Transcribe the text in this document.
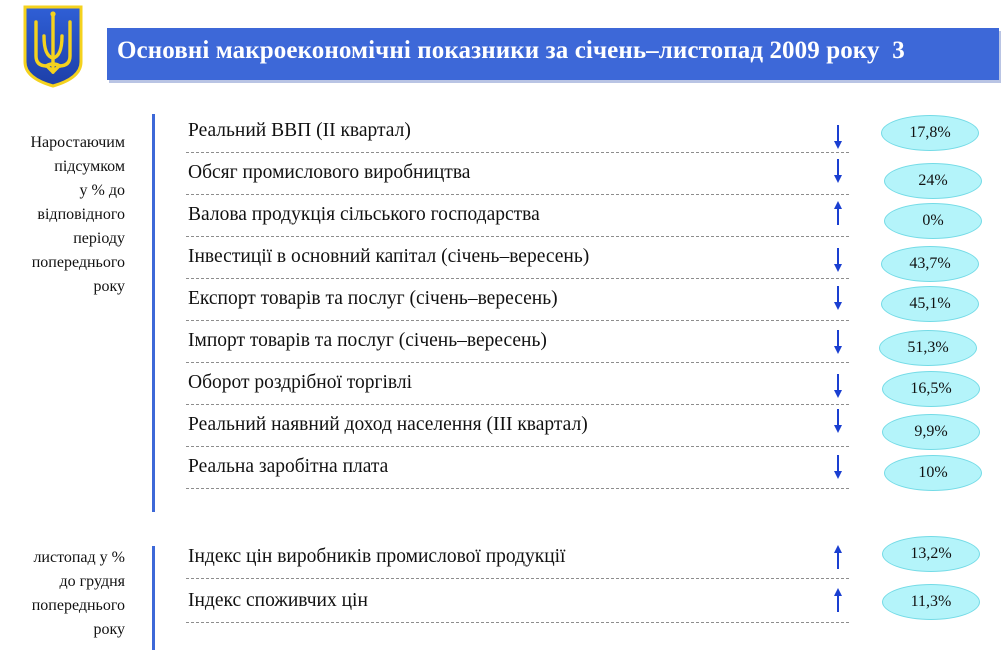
Основні макроекономічні показники за січень–листопад 2009 року 3
Наростаючим
підсумком
у % до
відповідного
періоду
попереднього
року
листопад у %
до грудня
попереднього
року
Реальний ВВП (ІІ квартал)
Обсяг промислового виробництва
Валова продукція сільського господарства
Інвестиції в основний капітал (січень–вересень)
Експорт товарів та послуг (січень–вересень)
Імпорт товарів та послуг (січень–вересень)
Оборот роздрібної торгівлі
Реальний наявний доход населення (ІІІ квартал)
Реальна заробітна плата
Індекс цін виробників промислової продукції
Індекс споживчих цін
17,8%
24%
0%
43,7%
45,1%
51,3%
16,5%
9,9%
10%
13,2%
11,3%
